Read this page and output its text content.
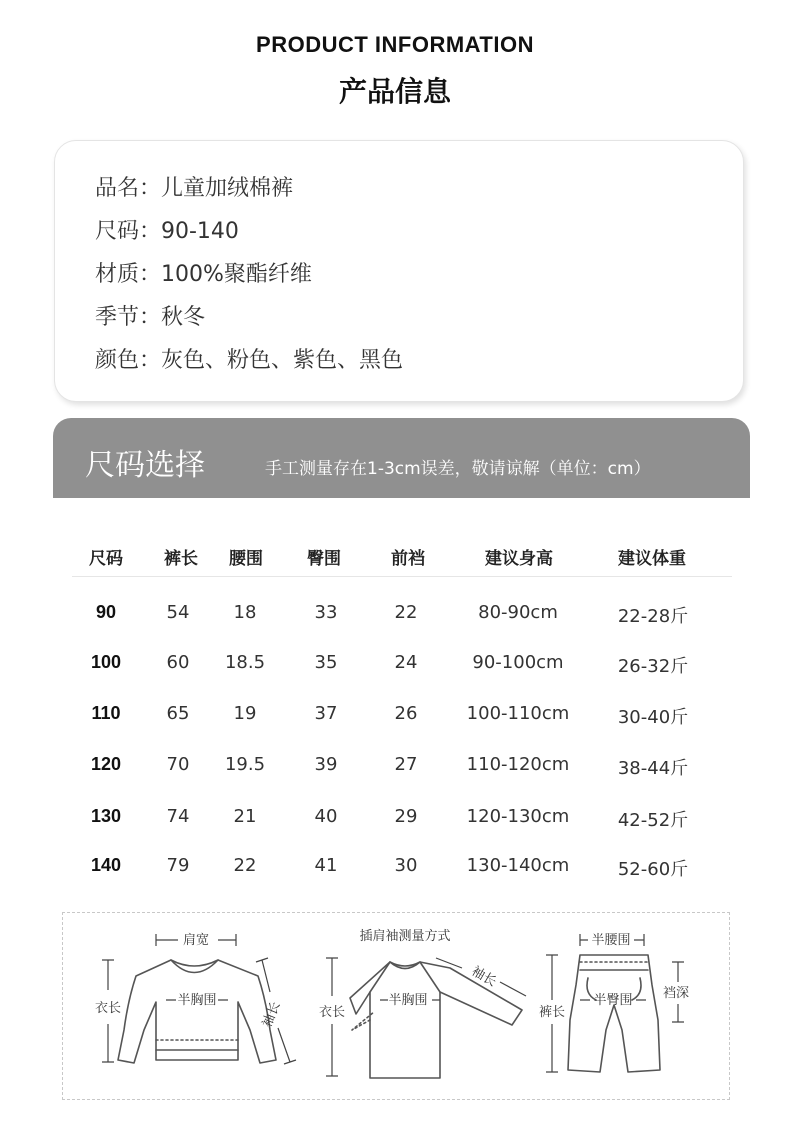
PRODUCT INFORMATION
产品信息
品名：儿童加绒棉裤
尺码：90-140
材质：100%聚酯纤维
季节：秋冬
颜色：灰色、粉色、紫色、黑色
尺码选择	手工测量存在1-3cm误差，敬请谅解（单位：cm）
尺码 裤长 腰围	臀围	前裆	建议身高	建议体重
90	54 18	33	22	80-90cm	22-28斤
100	60 18.5	35	24	90-100cm	26-32斤
110	65 19	37	26	100-110cm	30-40斤
120	70 19.5	39	27	110-120cm	38-44斤
130	74 21	40	29	120-130cm	42-52斤
140	79 22	41	30	130-140cm	52-60斤
肩宽
半胸围
衣长	袖长
插肩袖测量方式
半胸围
衣长
袖长
半腰围
半臀围
裤长
裆深
